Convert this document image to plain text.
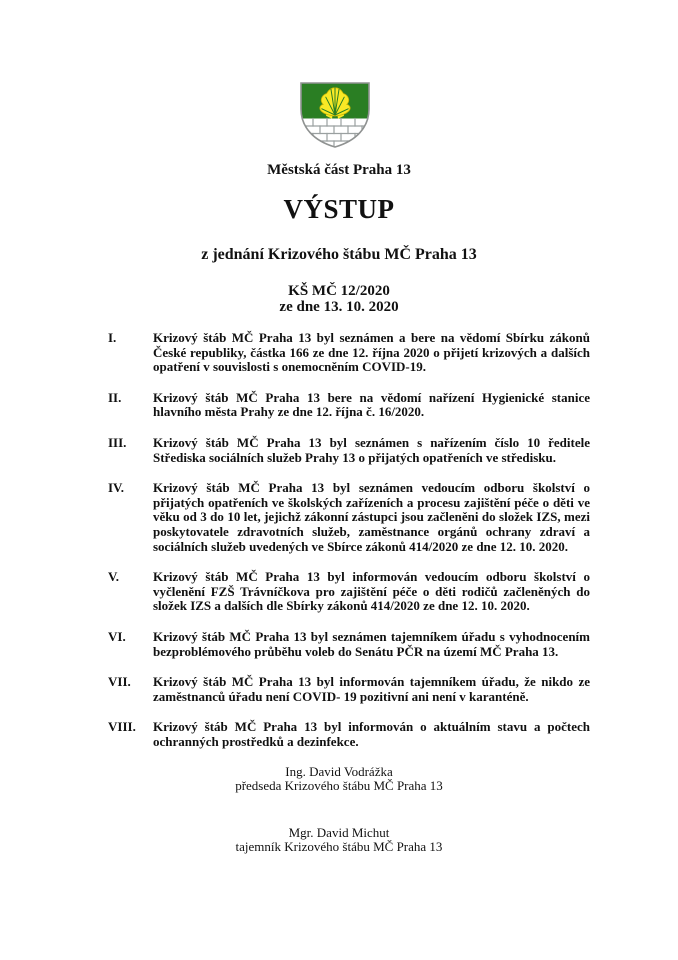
Městská část Praha 13
VÝSTUP
z jednání Krizového štábu MČ Praha 13
KŠ MČ 12/2020
ze dne 13. 10. 2020
I.	Krizový štáb MČ Praha 13 byl seznámen a bere na vědomí Sbírku zákonů České republiky, částka 166 ze dne 12. října 2020 o přijetí krizových a dalších opatření v souvislosti s onemocněním COVID-19.
II.	Krizový štáb MČ Praha 13 bere na vědomí nařízení Hygienické stanice hlavního města Prahy ze dne 12. října č. 16/2020.
III.	Krizový štáb MČ Praha 13 byl seznámen s nařízením číslo 10 ředitele Střediska sociálních služeb Prahy 13 o přijatých opatřeních ve středisku.
IV.	Krizový štáb MČ Praha 13 byl seznámen vedoucím odboru školství o přijatých opatřeních ve školských zařízeních a procesu zajištění péče o děti ve věku od 3 do 10 let, jejichž zákonní zástupci jsou začleněni do složek IZS, mezi poskytovatele zdravotních služeb, zaměstnance orgánů ochrany zdraví a sociálních služeb uvedených ve Sbírce zákonů 414/2020 ze dne 12. 10. 2020.
V.	Krizový štáb MČ Praha 13 byl informován vedoucím odboru školství o vyčlenění FZŠ Trávníčkova pro zajištění péče o děti rodičů začleněných do složek IZS a dalších dle Sbírky zákonů 414/2020 ze dne 12. 10. 2020.
VI.	Krizový štáb MČ Praha 13 byl seznámen tajemníkem úřadu s vyhodnocením bezproblémového průběhu voleb do Senátu PČR na území MČ Praha 13.
VII.	Krizový štáb MČ Praha 13 byl informován tajemníkem úřadu, že nikdo ze zaměstnanců úřadu není COVID- 19 pozitivní ani není v karanténě.
VIII.	Krizový štáb MČ Praha 13 byl informován o aktuálním stavu a počtech ochranných prostředků a dezinfekce.
Ing. David Vodrážka
předseda Krizového štábu MČ Praha 13
Mgr. David Michut
tajemník Krizového štábu MČ Praha 13
